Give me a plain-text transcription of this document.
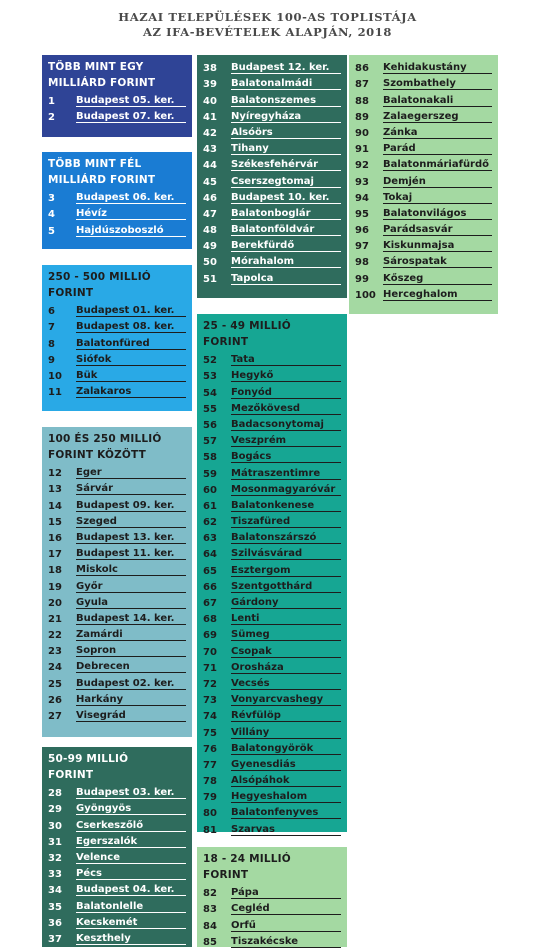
HAZAI TELEPÜLÉSEK 100-AS TOPLISTÁJA
AZ IFA-BEVÉTELEK ALAPJÁN, 2018
TÖBB MINT EGY MILLIÁRD FORINT
1	Budapest 05. ker.
2	Budapest 07. ker.
TÖBB MINT FÉL MILLIÁRD FORINT
3	Budapest 06. ker.
4	Hévíz
5	Hajdúszoboszló
250 - 500 MILLIÓ FORINT
6	Budapest 01. ker.
7	Budapest 08. ker.
8	Balatonfüred
9	Siófok
10	Bük
11	Zalakaros
100 ÉS 250 MILLIÓ FORINT KÖZÖTT
12	Eger
13	Sárvár
14	Budapest 09. ker.
15	Szeged
16	Budapest 13. ker.
17	Budapest 11. ker.
18	Miskolc
19	Győr
20	Gyula
21	Budapest 14. ker.
22	Zamárdi
23	Sopron
24	Debrecen
25	Budapest 02. ker.
26	Harkány
27	Visegrád
50-99 MILLIÓ FORINT
28	Budapest 03. ker.
29	Gyöngyös
30	Cserkeszőlő
31	Egerszalók
32	Velence
33	Pécs
34	Budapest 04. ker.
35	Balatonlelle
36	Kecskemét
37	Keszthely
38	Budapest 12. ker.
39	Balatonalmádi
40	Balatonszemes
41	Nyíregyháza
42	Alsóörs
43	Tihany
44	Székesfehérvár
45	Cserszegtomaj
46	Budapest 10. ker.
47	Balatonboglár
48	Balatonföldvár
49	Berekfürdő
50	Mórahalom
51	Tapolca
25 - 49 MILLIÓ FORINT
52	Tata
53	Hegykő
54	Fonyód
55	Mezőkövesd
56	Badacsonytomaj
57	Veszprém
58	Bogács
59	Mátraszentimre
60	Mosonmagyaróvár
61	Balatonkenese
62	Tiszafüred
63	Balatonszárszó
64	Szilvásvárad
65	Esztergom
66	Szentgotthárd
67	Gárdony
68	Lenti
69	Sümeg
70	Csopak
71	Orosháza
72	Vecsés
73	Vonyarcvashegy
74	Révfülöp
75	Villány
76	Balatongyörök
77	Gyenesdiás
78	Alsópáhok
79	Hegyeshalom
80	Balatonfenyves
81	Szarvas
18 - 24 MILLIÓ FORINT
82	Pápa
83	Cegléd
84	Orfű
85	Tiszakécske
86	Kehidakustány
87	Szombathely
88	Balatonakali
89	Zalaegerszeg
90	Zánka
91	Parád
92	Balatonmáriafürdő
93	Demjén
94	Tokaj
95	Balatonvilágos
96	Parádsasvár
97	Kiskunmajsa
98	Sárospatak
99	Kőszeg
100 Herceghalom
